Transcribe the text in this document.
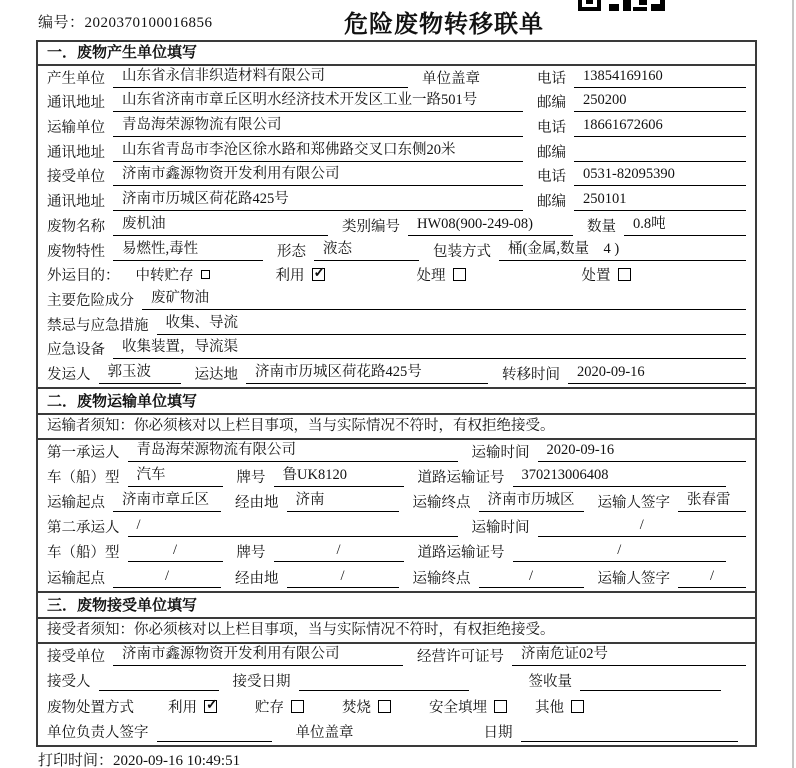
编号：2020370100016856	危险废物转移联单
一．废物产生单位填写
产生单位	山东省永信非织造材料有限公司	单位盖章	电话	13854169160
通讯地址	山东省济南市章丘区明水经济技术开发区工业一路501号	邮编	250200
运输单位	青岛海荣源物流有限公司	电话	18661672606
通讯地址	山东省青岛市李沧区徐水路和郑佛路交叉口东侧20米	邮编
接受单位	济南市鑫源物资开发利用有限公司	电话	0531-82095390
通讯地址	济南市历城区荷花路425号	邮编	250101
废物名称	废机油	类别编号	HW08(900-249-08)	数量	0.8吨
废物特性	易燃性,毒性	形态	液态	包装方式	桶(金属,数量　4 )
外运目的： 中转贮存	利用 ✓	处理	处置
主要危险成分	废矿物油
禁忌与应急措施	收集、导流
应急设备	收集装置，导流渠
发运人	郭玉波	运达地	济南市历城区荷花路425号	转移时间	2020-09-16
二．废物运输单位填写
运输者须知：你必须核对以上栏目事项，当与实际情况不符时，有权拒绝接受。
第一承运人	青岛海荣源物流有限公司	运输时间	2020-09-16
车（船）型	汽车	牌号	鲁UK8120	道路运输证号	370213006408
运输起点	济南市章丘区	经由地	济南	运输终点	济南市历城区	运输人签字	张春雷
第二承运人	/	运输时间	/
车（船）型	/	牌号	/	道路运输证号	/
运输起点	/	经由地	/	运输终点	/	运输人签字	/
三．废物接受单位填写
接受者须知：你必须核对以上栏目事项，当与实际情况不符时，有权拒绝接受。
接受单位	济南市鑫源物资开发利用有限公司	经营许可证号	济南危证02号
接受人	接受日期	签收量
废物处置方式 利用 ✓	贮存	焚烧	安全填埋	其他
单位负责人签字	单位盖章	日期
打印时间：2020-09-16 10:49:51
